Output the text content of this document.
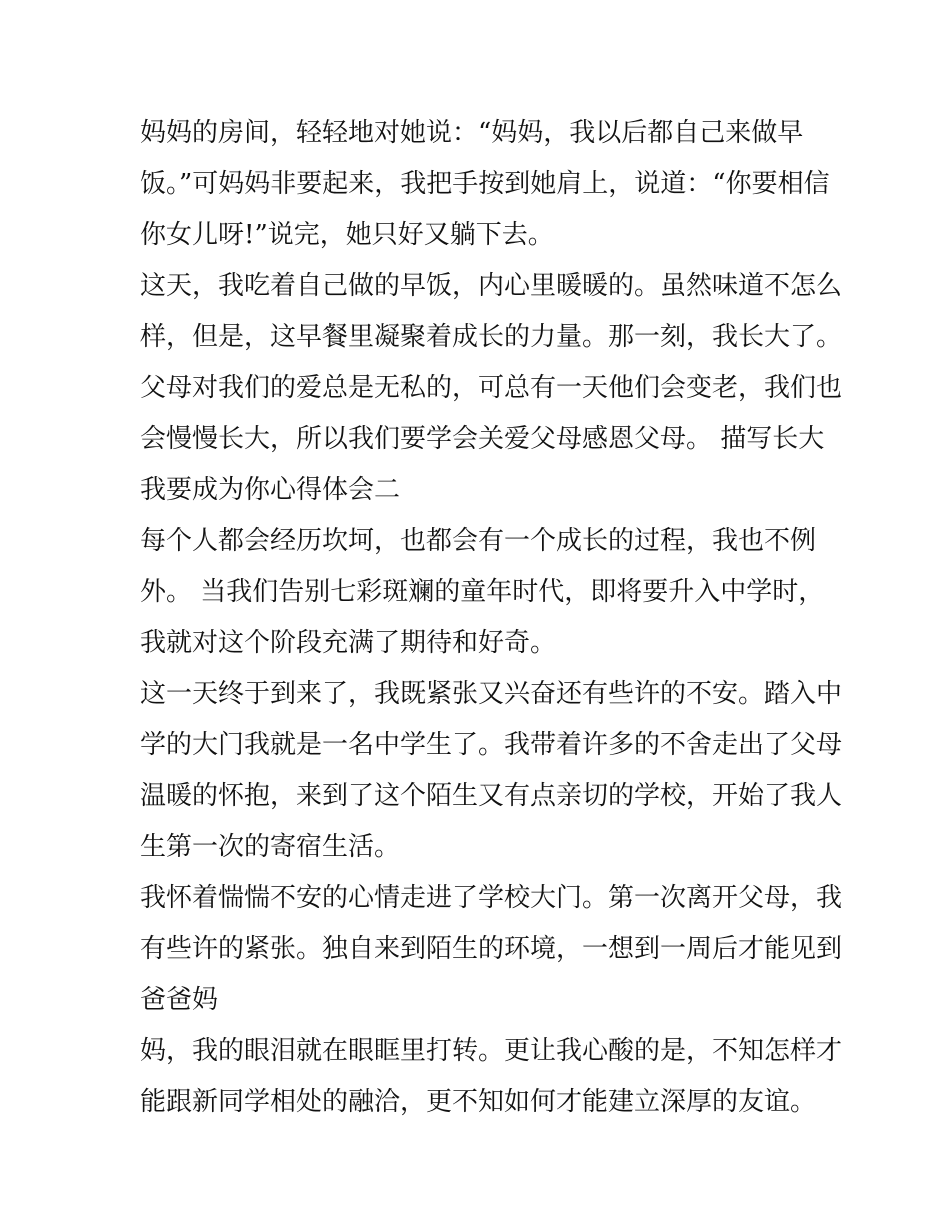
妈妈的房间，轻轻地对她说：“妈妈，我以后都自己来做早
饭。”可妈妈非要起来，我把手按到她肩上，说道：“你要相信
你女儿呀!”说完，她只好又躺下去。
这天，我吃着自己做的早饭，内心里暖暖的。虽然味道不怎么
样，但是，这早餐里凝聚着成长的力量。那一刻，我长大了。
父母对我们的爱总是无私的，可总有一天他们会变老，我们也
会慢慢长大，所以我们要学会关爱父母感恩父母。 描写长大
我要成为你心得体会二
每个人都会经历坎坷，也都会有一个成长的过程，我也不例
外。 当我们告别七彩斑斓的童年时代，即将要升入中学时，
我就对这个阶段充满了期待和好奇。
这一天终于到来了，我既紧张又兴奋还有些许的不安。踏入中
学的大门我就是一名中学生了。我带着许多的不舍走出了父母
温暖的怀抱，来到了这个陌生又有点亲切的学校，开始了我人
生第一次的寄宿生活。
我怀着惴惴不安的心情走进了学校大门。第一次离开父母，我
有些许的紧张。独自来到陌生的环境，一想到一周后才能见到
爸爸妈
妈，我的眼泪就在眼眶里打转。更让我心酸的是，不知怎样才
能跟新同学相处的融洽，更不知如何才能建立深厚的友谊。
